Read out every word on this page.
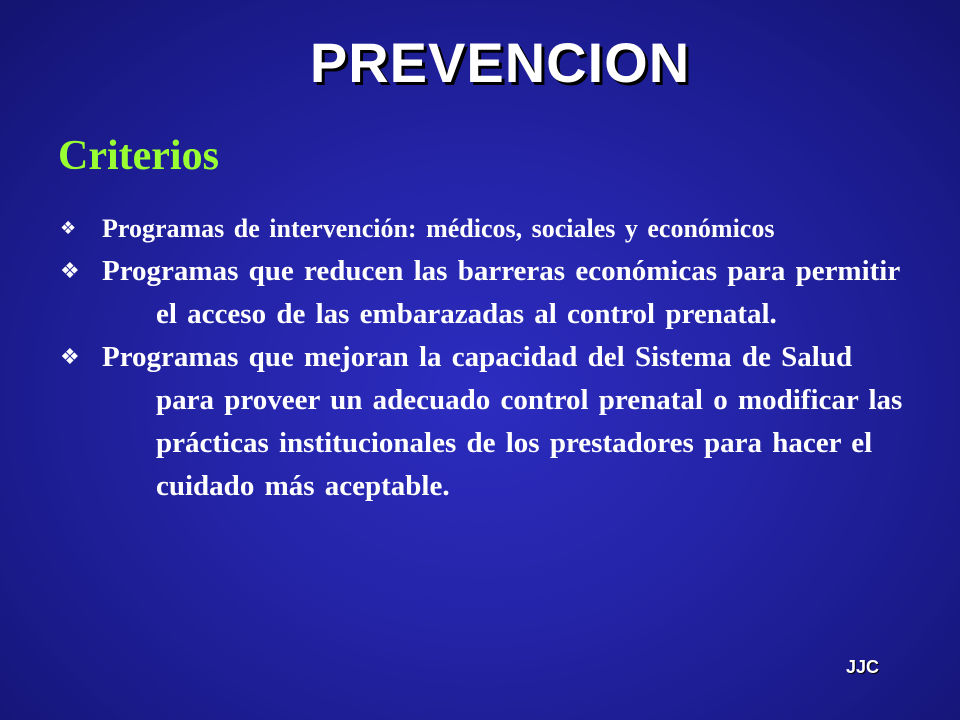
PREVENCION
Criterios
❖ Programas de intervención: médicos, sociales y económicos
❖ Programas que reducen las barreras económicas para permitir el acceso de las embarazadas al control prenatal.
❖ Programas que mejoran la capacidad del Sistema de Salud para proveer un adecuado control prenatal o modificar las prácticas institucionales de los prestadores para hacer el cuidado más aceptable.
JJC
